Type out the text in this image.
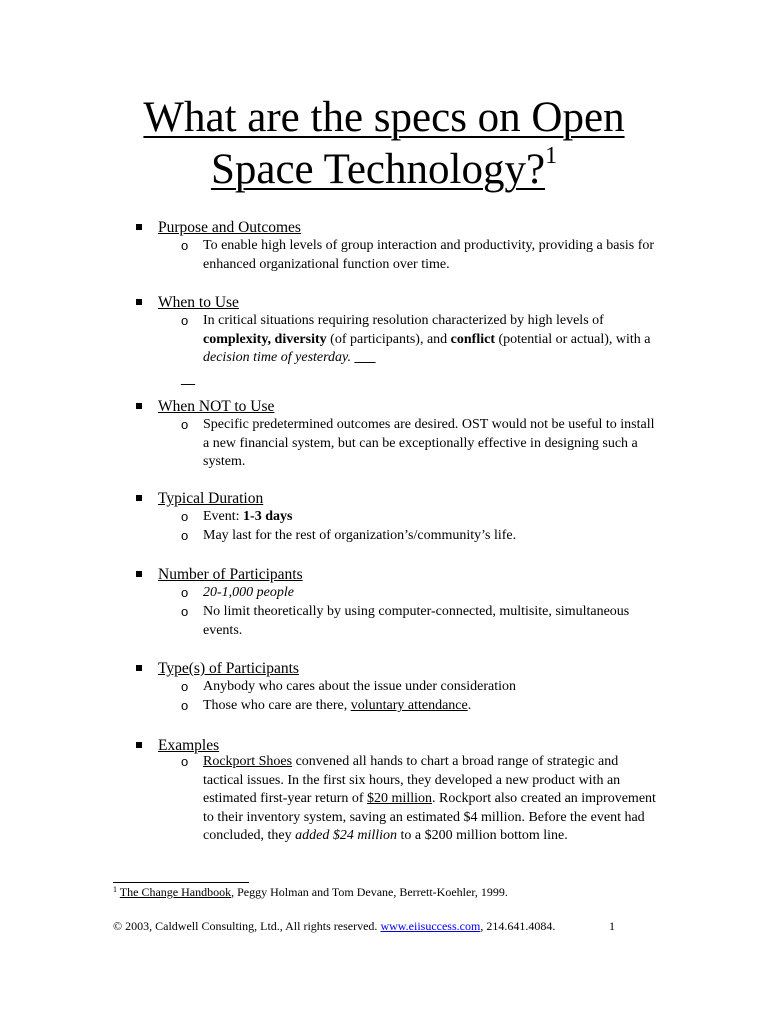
What are the specs on Open
Space Technology?$^1$
Purpose and Outcomes
o To enable high levels of group interaction and productivity, providing a basis for enhanced organizational function over time.
When to Use
o In critical situations requiring resolution characterized by high levels of complexity, diversity (of participants), and conflict (potential or actual), with a decision time of yesterday. ___
__
When NOT to Use
o Specific predetermined outcomes are desired. OST would not be useful to install a new financial system, but can be exceptionally effective in designing such a system.
Typical Duration
o Event: 1-3 days
o May last for the rest of organization’s/community’s life.
Number of Participants
o 20-1,000 people
o No limit theoretically by using computer-connected, multisite, simultaneous events.
Type(s) of Participants
o Anybody who cares about the issue under consideration
o Those who care are there, voluntary attendance.
Examples
o Rockport Shoes convened all hands to chart a broad range of strategic and tactical issues. In the first six hours, they developed a new product with an estimated first-year return of $20 million. Rockport also created an improvement to their inventory system, saving an estimated $4 million. Before the event had concluded, they added $24 million to a $200 million bottom line.
$^1$ The Change Handbook, Peggy Holman and Tom Devane, Berrett-Koehler, 1999.
© 2003, Caldwell Consulting, Ltd., All rights reserved. www.eiisuccess.com, 214.641.4084.	1
